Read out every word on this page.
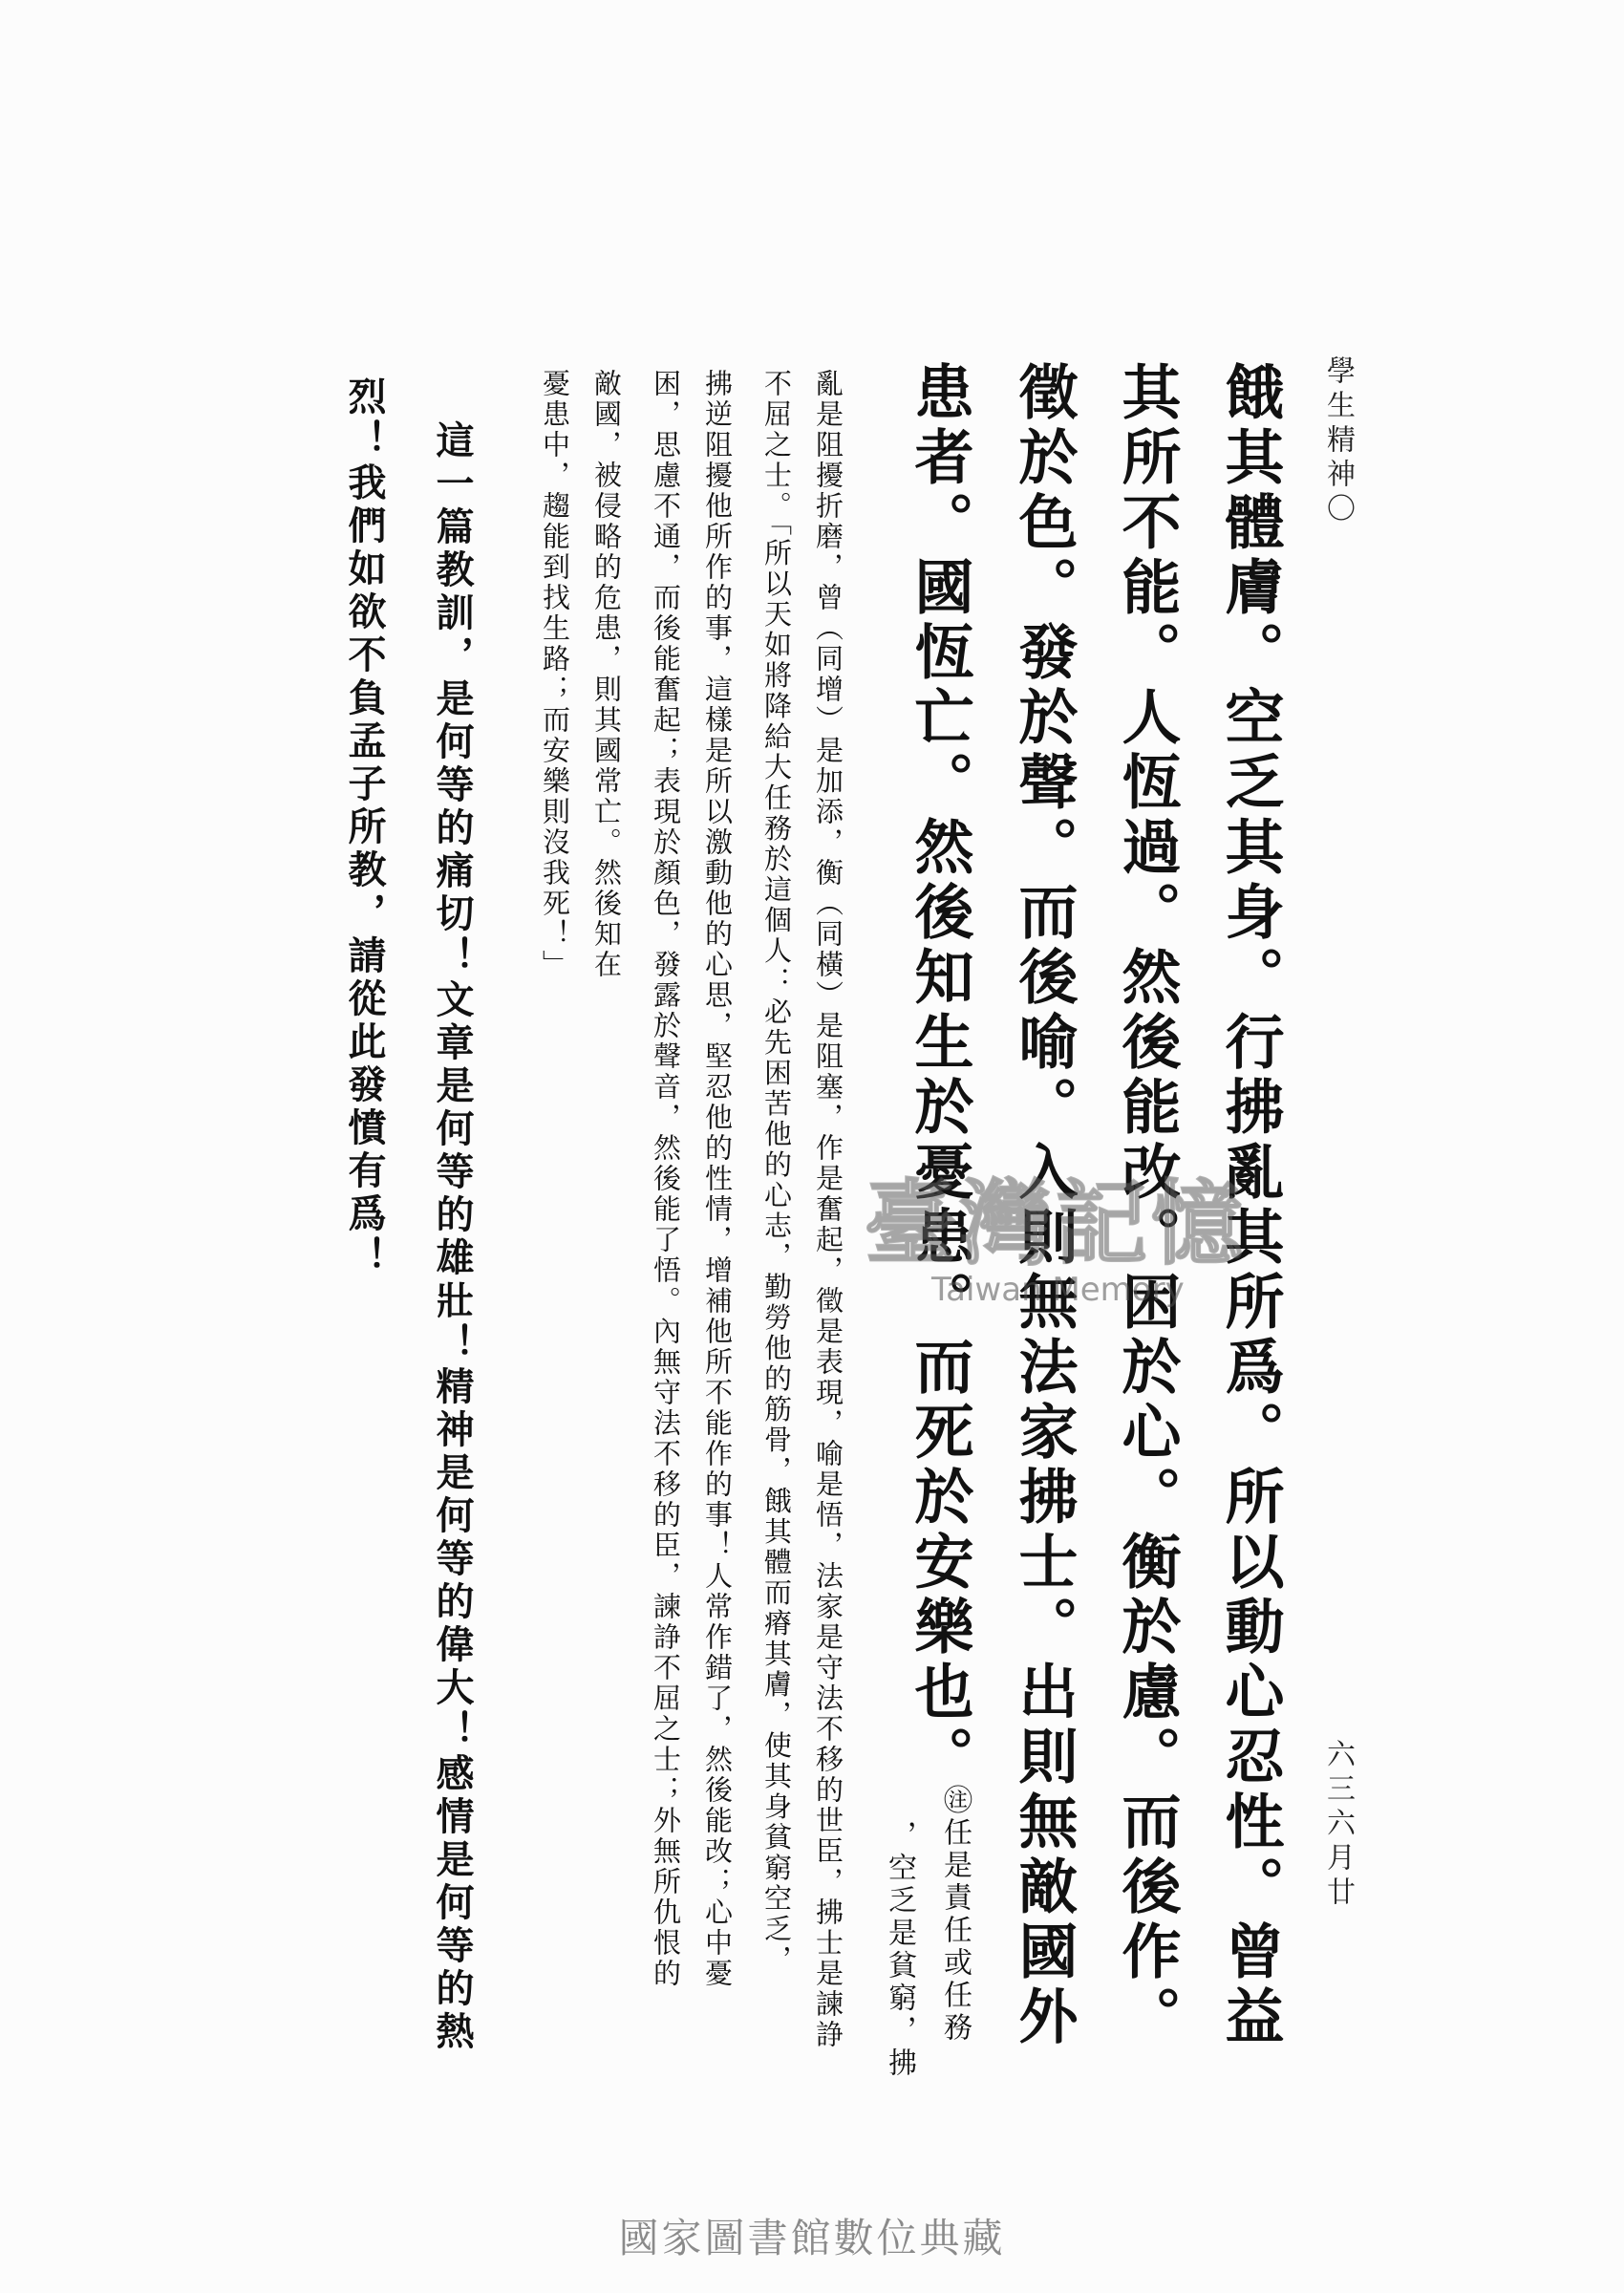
學生精神〇
六三六月廿
餓其體膚。空乏其身。行拂亂其所爲。所以動心忍性。曾益
其所不能。人恆過。然後能改。困於心。衡於慮。而後作。
徵於色。發於聲。而後喻。入則無法家拂士。出則無敵國外
患者。國恆亡。然後知生於憂患。而死於安樂也。
㊟任是責任或任務
，空乏是貧窮，拂
亂是阻擾折磨，曾（同增）是加添，衡（同橫）是阻塞，作是奮起，徵是表現，喻是悟，法家是守法不移的世臣，拂士是諫諍
不屈之士。「所以天如將降給大任務於這個人：必先困苦他的心志，勤勞他的筋骨，餓其體而瘠其膚，使其身貧窮空乏，
拂逆阻擾他所作的事，這樣是所以激動他的心思，堅忍他的性情，增補他所不能作的事！人常作錯了，然後能改；心中憂
困，思慮不通，而後能奮起；表現於顏色，發露於聲音，然後能了悟。內無守法不移的臣，諫諍不屈之士；外無所仇恨的
敵國，被侵略的危患，則其國常亡。然後知在
憂患中，趨能到找生路；而安樂則沒我死！」
這一篇教訓，是何等的痛切！文章是何等的雄壯！精神是何等的偉大！感情是何等的熱
烈！我們如欲不負孟子所教，請從此發憤有爲！	臺灣記憶
Taiwan Memory
國家圖書館數位典藏
